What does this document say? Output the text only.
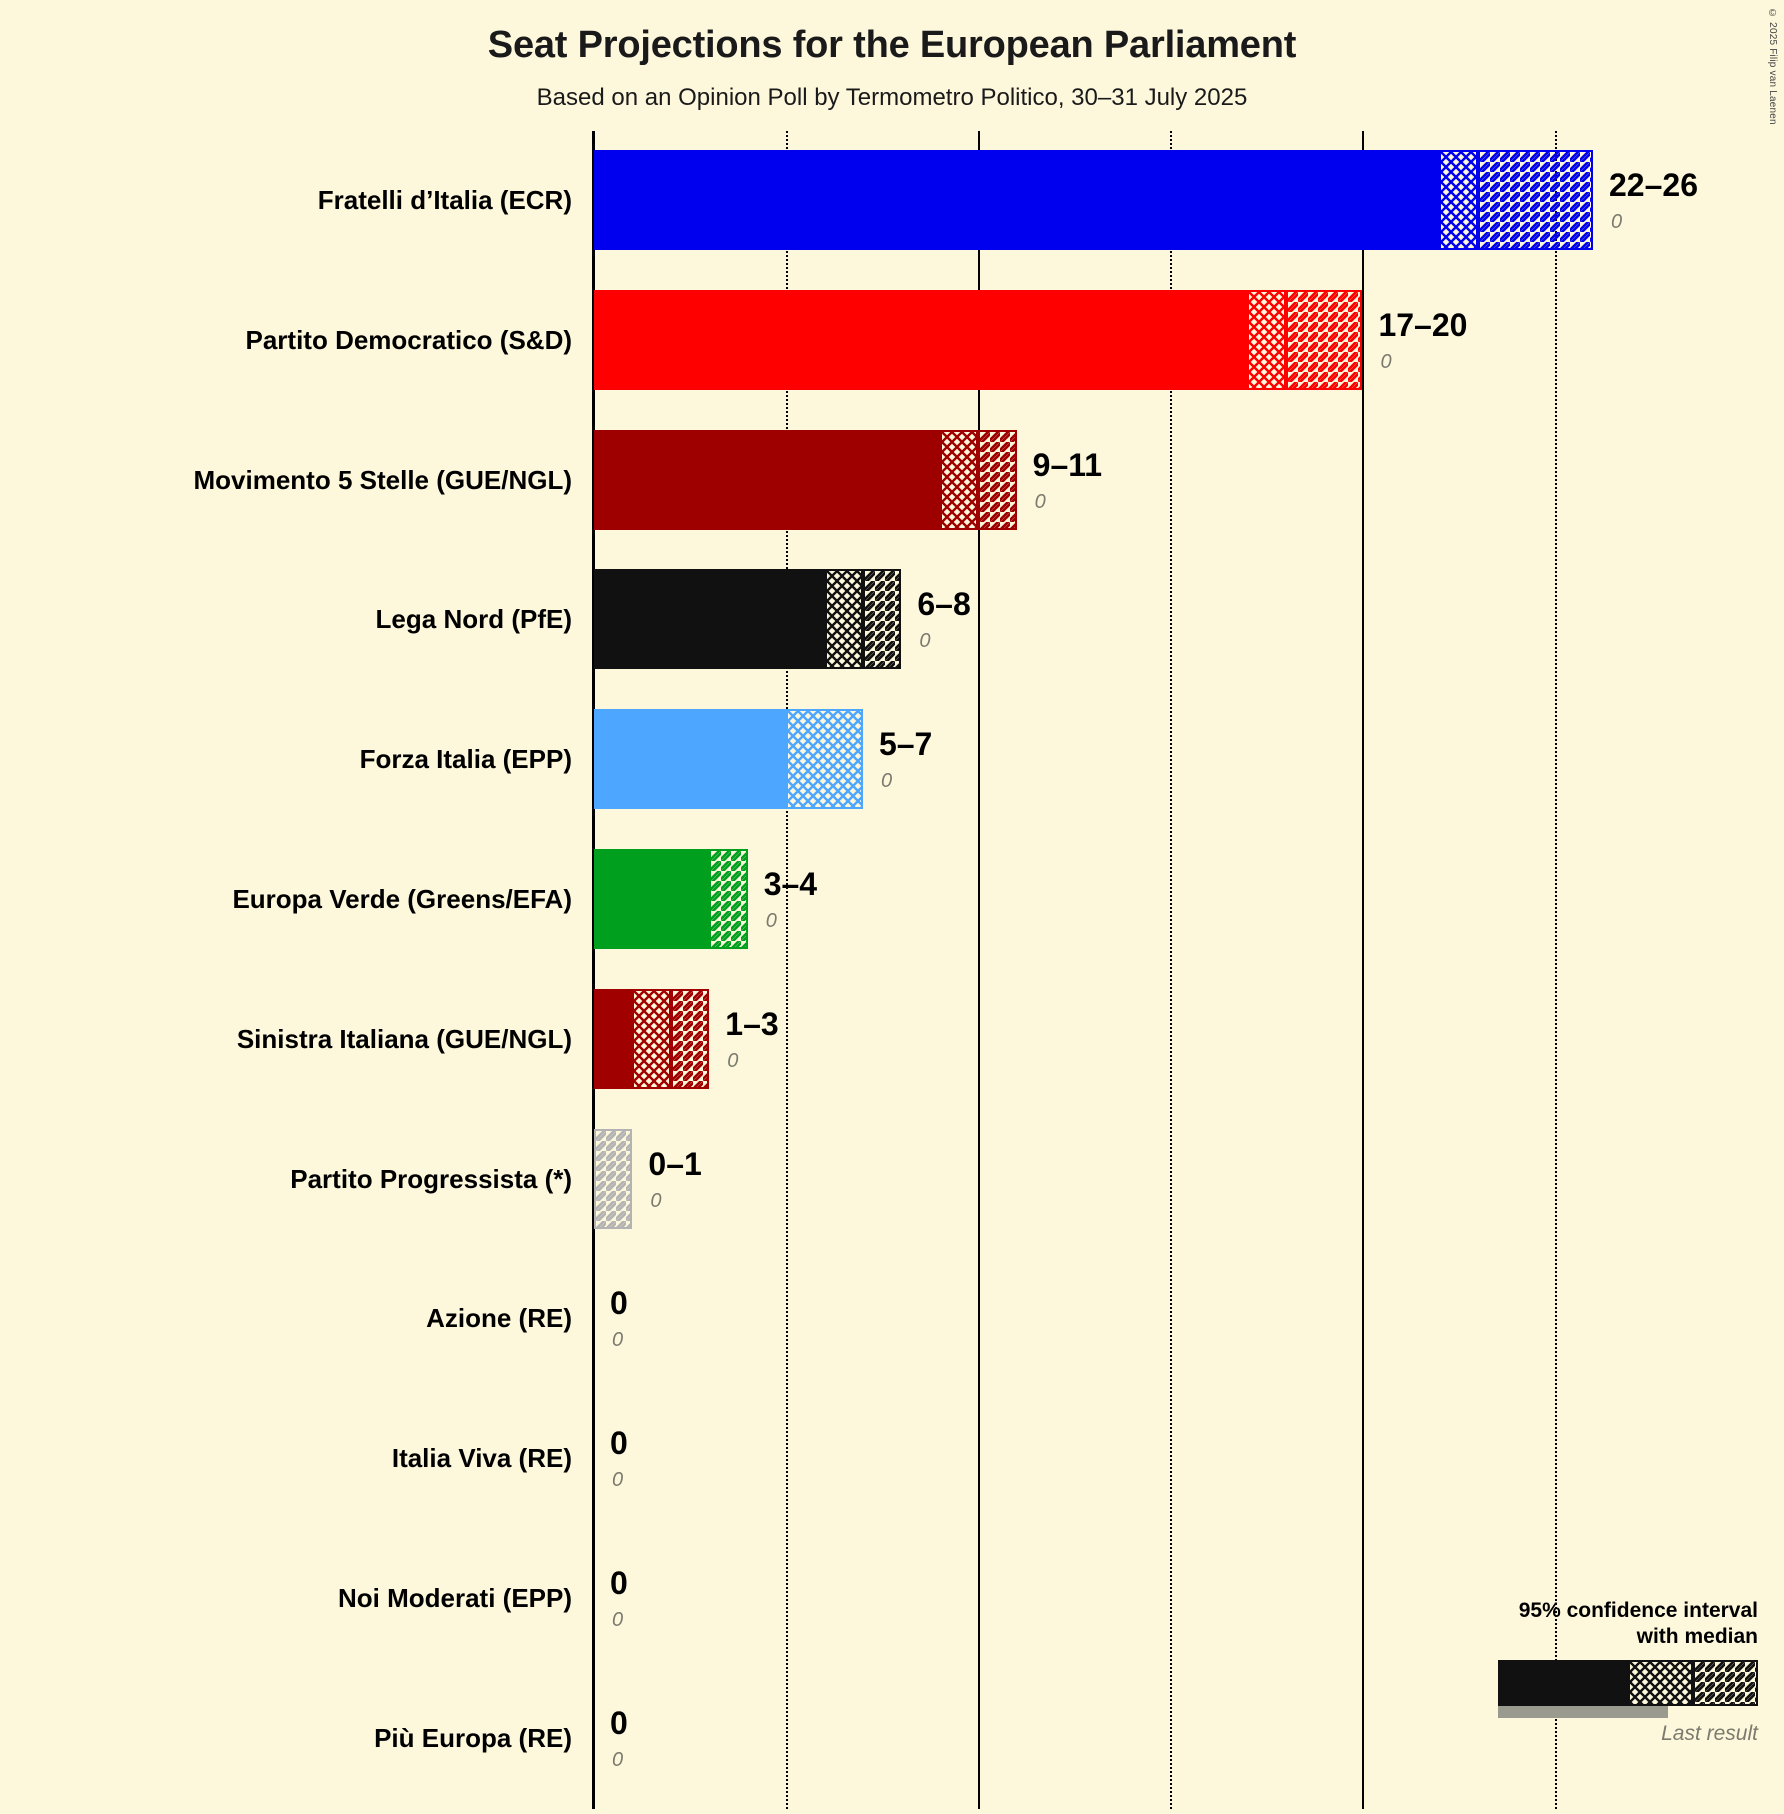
© 2025 Filip van Laenen
Seat Projections for the European Parliament
Based on an Opinion Poll by Termometro Politico, 30–31 July 2025
Fratelli d’Italia (ECR)	22–26
0
Partito Democratico (S&D)	17–20
0
Movimento 5 Stelle (GUE/NGL)	9–11
0
Lega Nord (PfE)	6–8
0
Forza Italia (EPP)	5–7
0
Europa Verde (Greens/EFA)	3–4
0
Sinistra Italiana (GUE/NGL)	1–3
0
Partito Progressista (*) 0–1
0
Azione (RE) 0
0
Italia Viva (RE) 0
0
Noi Moderati (EPP) 0
0
Più Europa (RE) 0
0
95% confidence interval
with median
Last result
